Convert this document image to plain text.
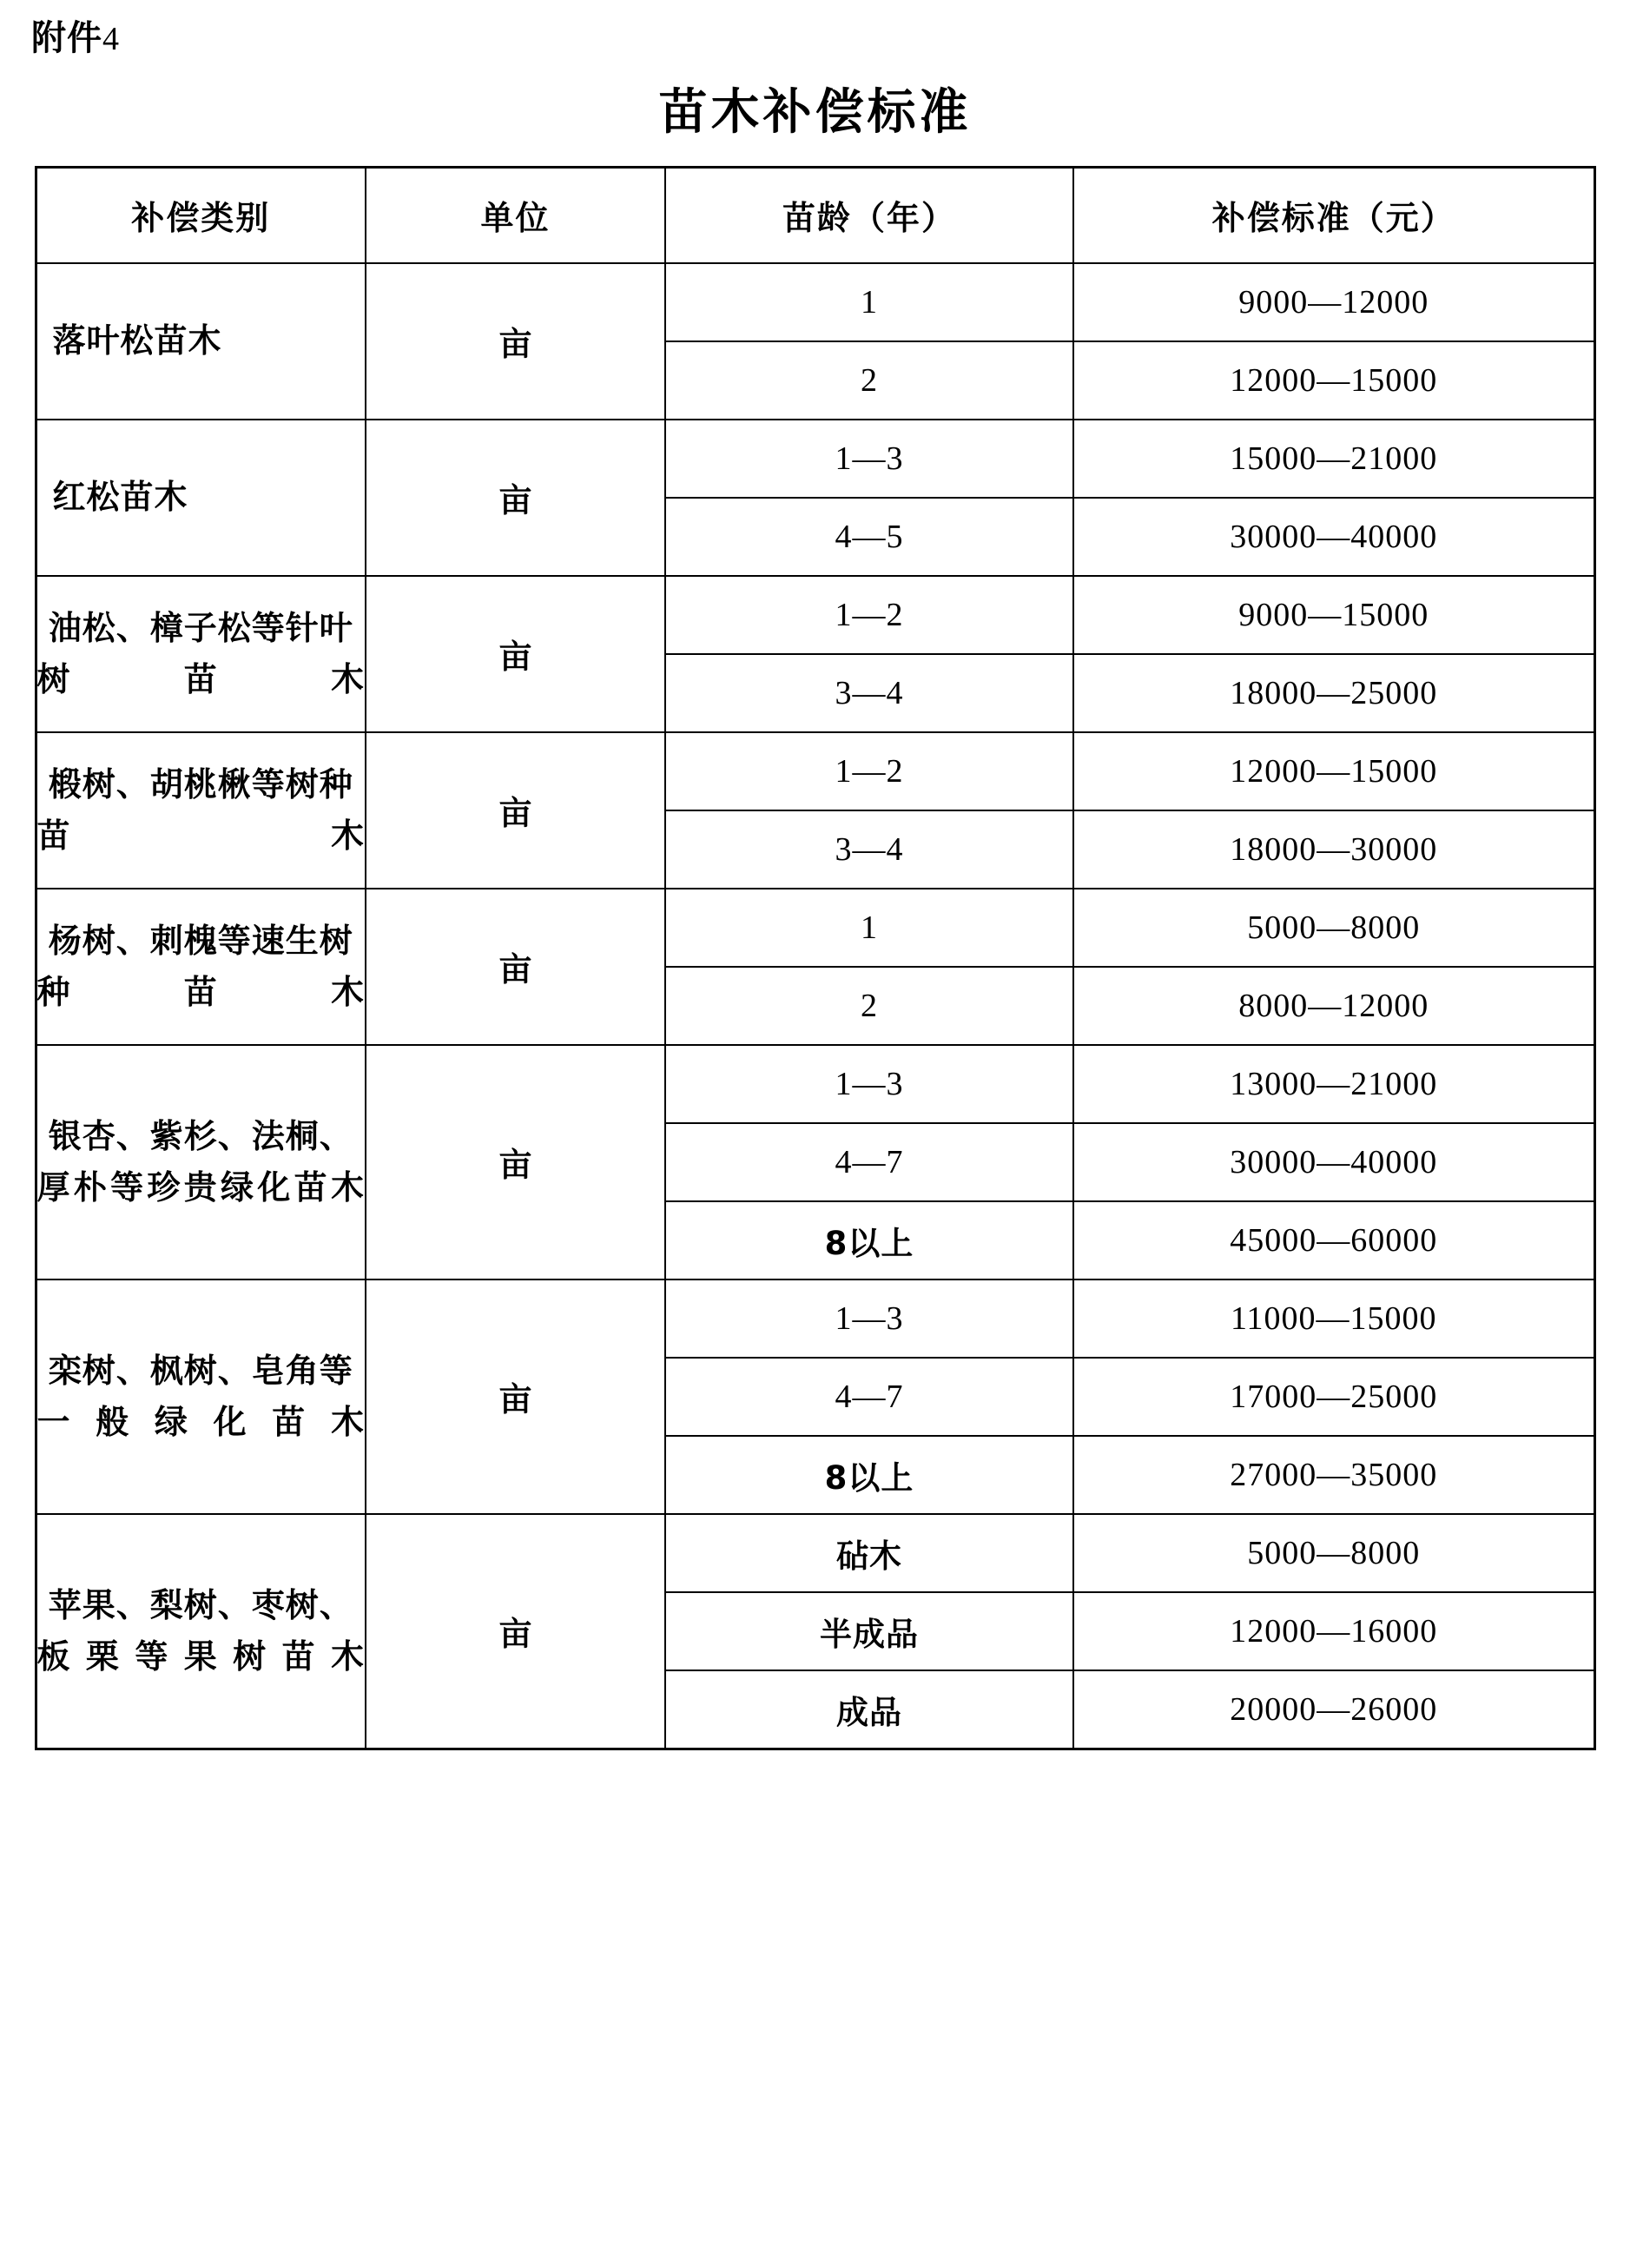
附件4
苗木补偿标准
补偿类别	单位	苗龄（年）	补偿标准（元）
落叶松苗木	亩	1	9000—12000
		2	12000—15000
红松苗木	亩	1—3	15000—21000
		4—5	30000—40000
油松、樟子松等针叶树苗木	亩	1—2	9000—15000
		3—4	18000—25000
椴树、胡桃楸等树种苗木	亩	1—2	12000—15000
		3—4	18000—30000
杨树、刺槐等速生树种苗木	亩	1	5000—8000
		2	8000—12000
银杏、紫杉、法桐、厚朴等珍贵绿化苗木	亩	1—3	13000—21000
		4—7	30000—40000
		8以上	45000—60000
栾树、枫树、皂角等一般绿化苗木	亩	1—3	11000—15000
		4—7	17000—25000
		8以上	27000—35000
苹果、梨树、枣树、板栗等果树苗木	亩	砧木	5000—8000
		半成品	12000—16000
		成品	20000—26000
